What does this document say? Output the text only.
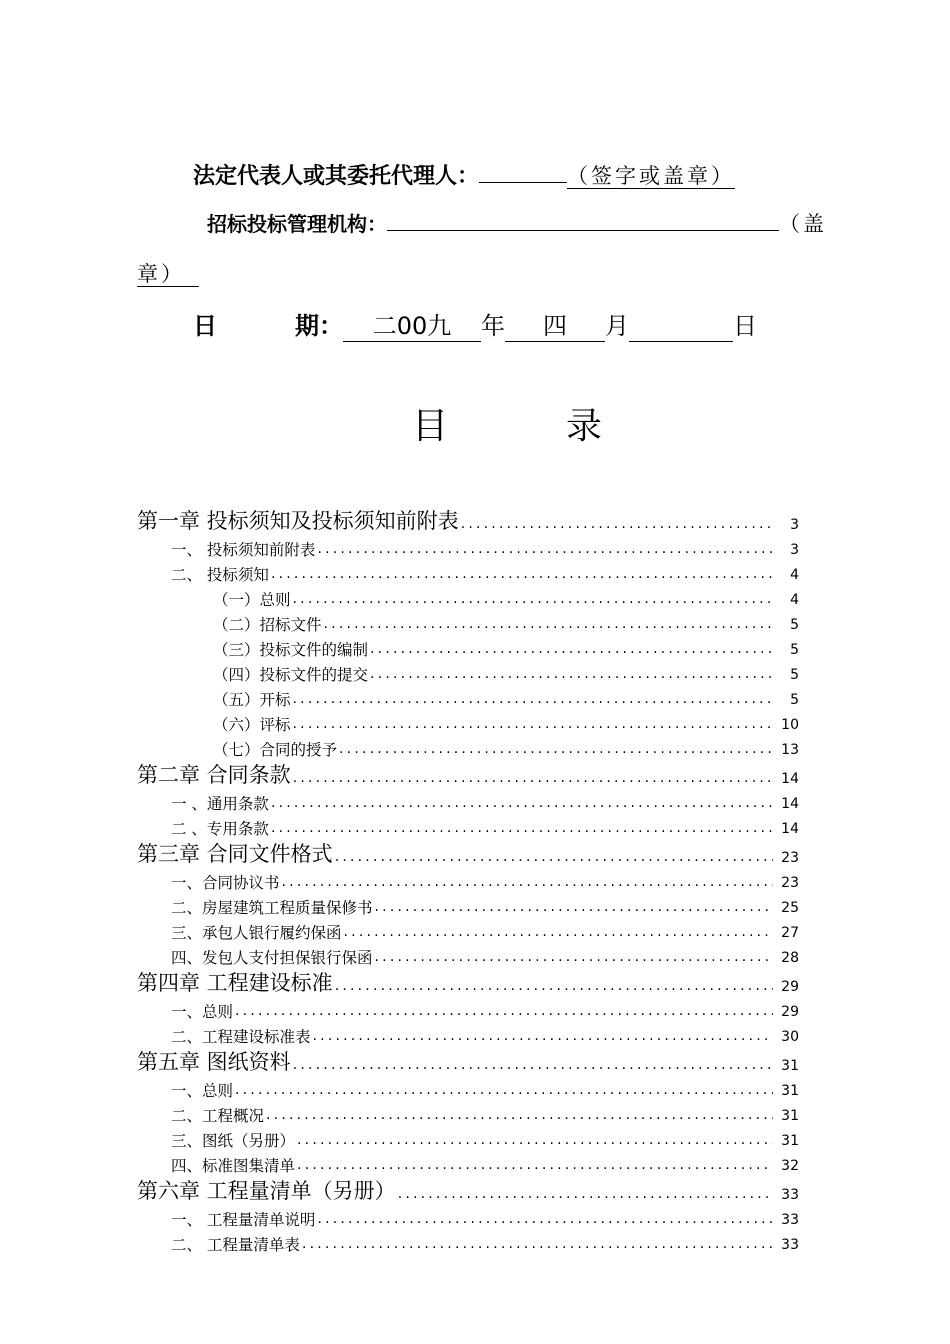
法定代表人或其委托代理人：	（签字或盖章）
招标投标管理机构：	（盖
章）
日	期： 二00九 年 四 月	日
目录
第一章 投标须知及投标须知前附表 .....	3
一、 投标须知前附表 .....	3
二、 投标须知 .....	4
（一）总则 .....	4
（二）招标文件 .....	5
（三）投标文件的编制 .....	5
（四）投标文件的提交 .....	5
（五）开标 .....	5
（六）评标 .....	10
（七）合同的授予 .....	13
第二章 合同条款 .....	14
一 、通用条款 .....	14
二 、专用条款 .....	14
第三章 合同文件格式 .....	23
一、合同协议书 .....	23
二、房屋建筑工程质量保修书 .....	25
三、承包人银行履约保函 .....	27
四、发包人支付担保银行保函 .....	28
第四章 工程建设标准 .....	29
一、总则 .....	29
二、工程建设标准表 .....	30
第五章 图纸资料 .....	31
一、总则 .....	31
二、工程概况 .....	31
三、图纸（另册） .....	31
四、标准图集清单 .....	32
第六章 工程量清单（另册） .....	33
一、 工程量清单说明 .....	33
二、 工程量清单表 .....	33
